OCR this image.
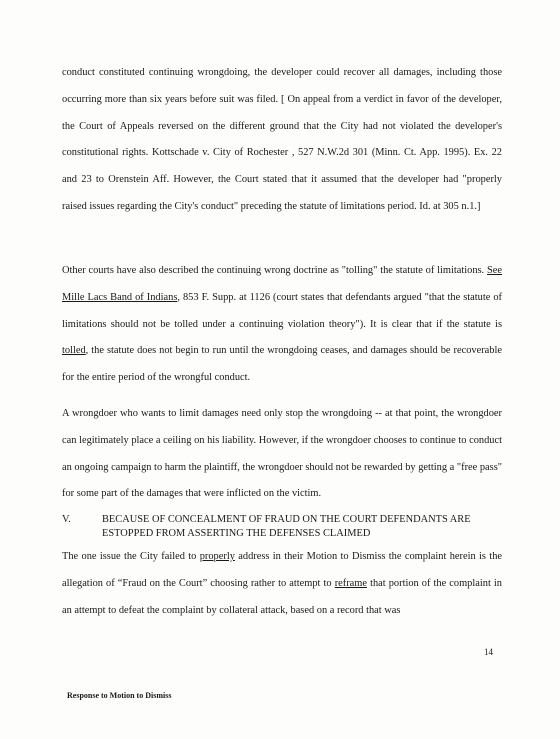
conduct constituted continuing wrongdoing, the developer could recover all damages, including those occurring more than six years before suit was filed. [ On appeal from a verdict in favor of the developer, the Court of Appeals reversed on the different ground that the City had not violated the developer's constitutional rights. Kottschade v. City of Rochester , 527 N.W.2d 301 (Minn. Ct. App. 1995). Ex. 22 and 23 to Orenstein Aff. However, the Court stated that it assumed that the developer had "properly raised issues regarding the City's conduct" preceding the statute of limitations period. Id. at 305 n.1.]

Other courts have also described the continuing wrong doctrine as "tolling" the statute of limitations. See Mille Lacs Band of Indians, 853 F. Supp. at 1126 (court states that defendants argued "that the statute of limitations should not be tolled under a continuing violation theory"). It is clear that if the statute is tolled, the statute does not begin to run until the wrongdoing ceases, and damages should be recoverable for the entire period of the wrongful conduct.

A wrongdoer who wants to limit damages need only stop the wrongdoing -- at that point, the wrongdoer can legitimately place a ceiling on his liability. However, if the wrongdoer chooses to continue to conduct an ongoing campaign to harm the plaintiff, the wrongdoer should not be rewarded by getting a "free pass" for some part of the damages that were inflicted on the victim.

V.	BECAUSE OF CONCEALMENT OF FRAUD ON THE COURT DEFENDANTS ARE ESTOPPED FROM ASSERTING THE DEFENSES CLAIMED

The one issue the City failed to properly address in their Motion to Dismiss the complaint herein is the allegation of “Fraud on the Court” choosing rather to attempt to reframe that portion of the complaint in an attempt to defeat the complaint by collateral attack, based on a record that was

14
Response to Motion to Dismiss
